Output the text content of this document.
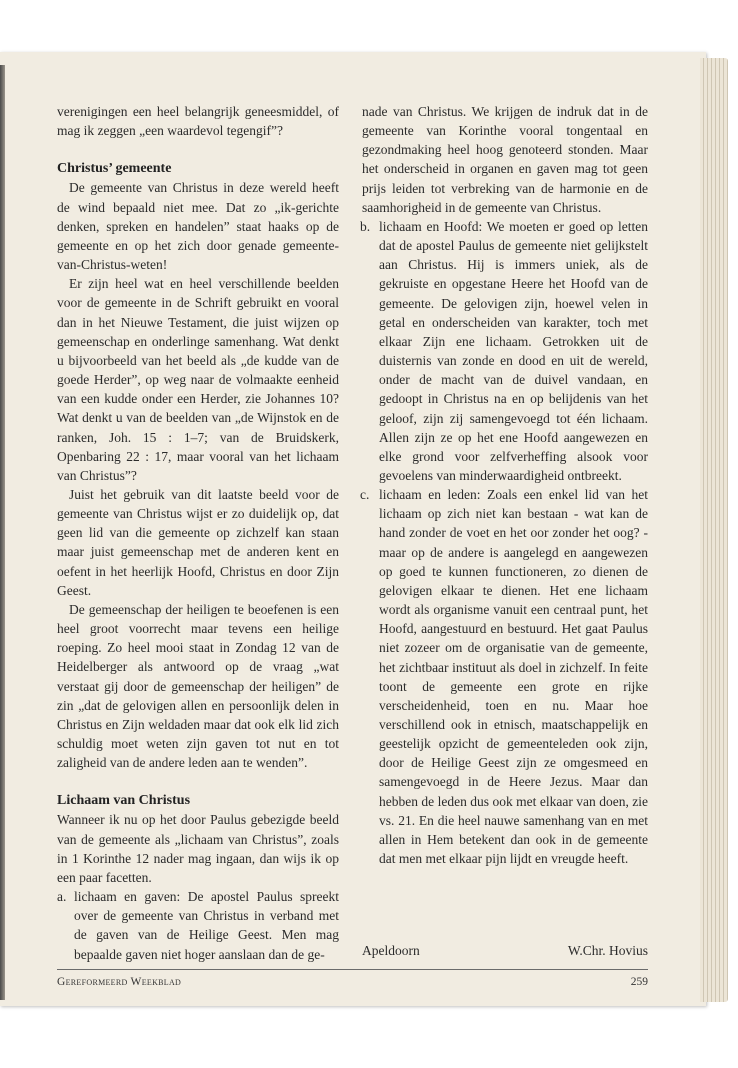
verenigingen een heel belangrijk geneesmiddel, of mag ik zeggen „een waardevol tegengif”?

Christus’ gemeente

De gemeente van Christus in deze wereld heeft de wind bepaald niet mee. Dat zo „ik-gerichte denken, spreken en handelen” staat haaks op de gemeente en op het zich door genade gemeente-van-Christus-weten!

Er zijn heel wat en heel verschillende beelden voor de gemeente in de Schrift gebruikt en vooral dan in het Nieuwe Testament, die juist wijzen op gemeenschap en onderlinge samenhang. Wat denkt u bijvoorbeeld van het beeld als „de kudde van de goede Herder”, op weg naar de volmaakte eenheid van een kudde onder een Herder, zie Johannes 10? Wat denkt u van de beelden van „de Wijnstok en de ranken, Joh. 15 : 1–7; van de Bruidskerk, Openbaring 22 : 17, maar vooral van het lichaam van Christus”?

Juist het gebruik van dit laatste beeld voor de gemeente van Christus wijst er zo duidelijk op, dat geen lid van die gemeente op zichzelf kan staan maar juist gemeenschap met de anderen kent en oefent in het heerlijk Hoofd, Christus en door Zijn Geest.

De gemeenschap der heiligen te beoefenen is een heel groot voorrecht maar tevens een heilige roeping. Zo heel mooi staat in Zondag 12 van de Heidelberger als antwoord op de vraag „wat verstaat gij door de gemeenschap der heiligen” de zin „dat de gelovigen allen en persoonlijk delen in Christus en Zijn weldaden maar dat ook elk lid zich schuldig moet weten zijn gaven tot nut en tot zaligheid van de andere leden aan te wenden”.

Lichaam van Christus

Wanneer ik nu op het door Paulus gebezigde beeld van de gemeente als „lichaam van Christus”, zoals in 1 Korinthe 12 nader mag ingaan, dan wijs ik op een paar facetten.

a. lichaam en gaven: De apostel Paulus spreekt over de gemeente van Christus in verband met de gaven van de Heilige Geest. Men mag bepaalde gaven niet hoger aanslaan dan de ge-

nade van Christus. We krijgen de indruk dat in de gemeente van Korinthe vooral tongentaal en gezondmaking heel hoog genoteerd stonden. Maar het onderscheid in organen en gaven mag tot geen prijs leiden tot verbreking van de harmonie en de saamhorigheid in de gemeente van Christus.

b. lichaam en Hoofd: We moeten er goed op letten dat de apostel Paulus de gemeente niet gelijkstelt aan Christus. Hij is immers uniek, als de gekruiste en opgestane Heere het Hoofd van de gemeente. De gelovigen zijn, hoewel velen in getal en onderscheiden van karakter, toch met elkaar Zijn ene lichaam. Getrokken uit de duisternis van zonde en dood en uit de wereld, onder de macht van de duivel vandaan, en gedoopt in Christus na en op belijdenis van het geloof, zijn zij samengevoegd tot één lichaam. Allen zijn ze op het ene Hoofd aangewezen en elke grond voor zelfverheffing alsook voor gevoelens van minderwaardigheid ontbreekt.
c. lichaam en leden: Zoals een enkel lid van het lichaam op zich niet kan bestaan - wat kan de hand zonder de voet en het oor zonder het oog? - maar op de andere is aangelegd en aangewezen op goed te kunnen functioneren, zo dienen de gelovigen elkaar te dienen. Het ene lichaam wordt als organisme vanuit een centraal punt, het Hoofd, aangestuurd en bestuurd. Het gaat Paulus niet zozeer om de organisatie van de gemeente, het zichtbaar instituut als doel in zichzelf. In feite toont de gemeente een grote en rijke verscheidenheid, toen en nu. Maar hoe verschillend ook in etnisch, maatschappelijk en geestelijk opzicht de gemeenteleden ook zijn, door de Heilige Geest zijn ze omgesmeed en samengevoegd in de Heere Jezus. Maar dan hebben de leden dus ook met elkaar van doen, zie vs. 21. En die heel nauwe samenhang van en met allen in Hem betekent dan ook in de gemeente dat men met elkaar pijn lijdt en vreugde heeft.
Apeldoorn	W.Chr. Hovius
Gereformeerd Weekblad	259
